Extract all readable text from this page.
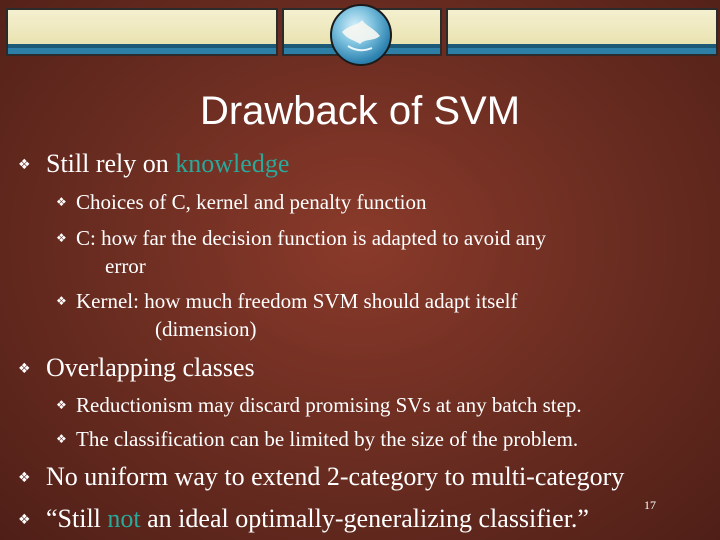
Drawback of SVM
❖ Still rely on knowledge
❖ Choices of C, kernel and penalty function
❖ C: how far the decision function is adapted to avoid any
error
❖ Kernel: how much freedom SVM should adapt itself
(dimension)
❖ Overlapping classes
❖ Reductionism may discard promising SVs at any batch step.
❖ The classification can be limited by the size of the problem.
❖ No uniform way to extend 2-category to multi-category
❖ “Still not an ideal optimally-generalizing classifier.”	17
